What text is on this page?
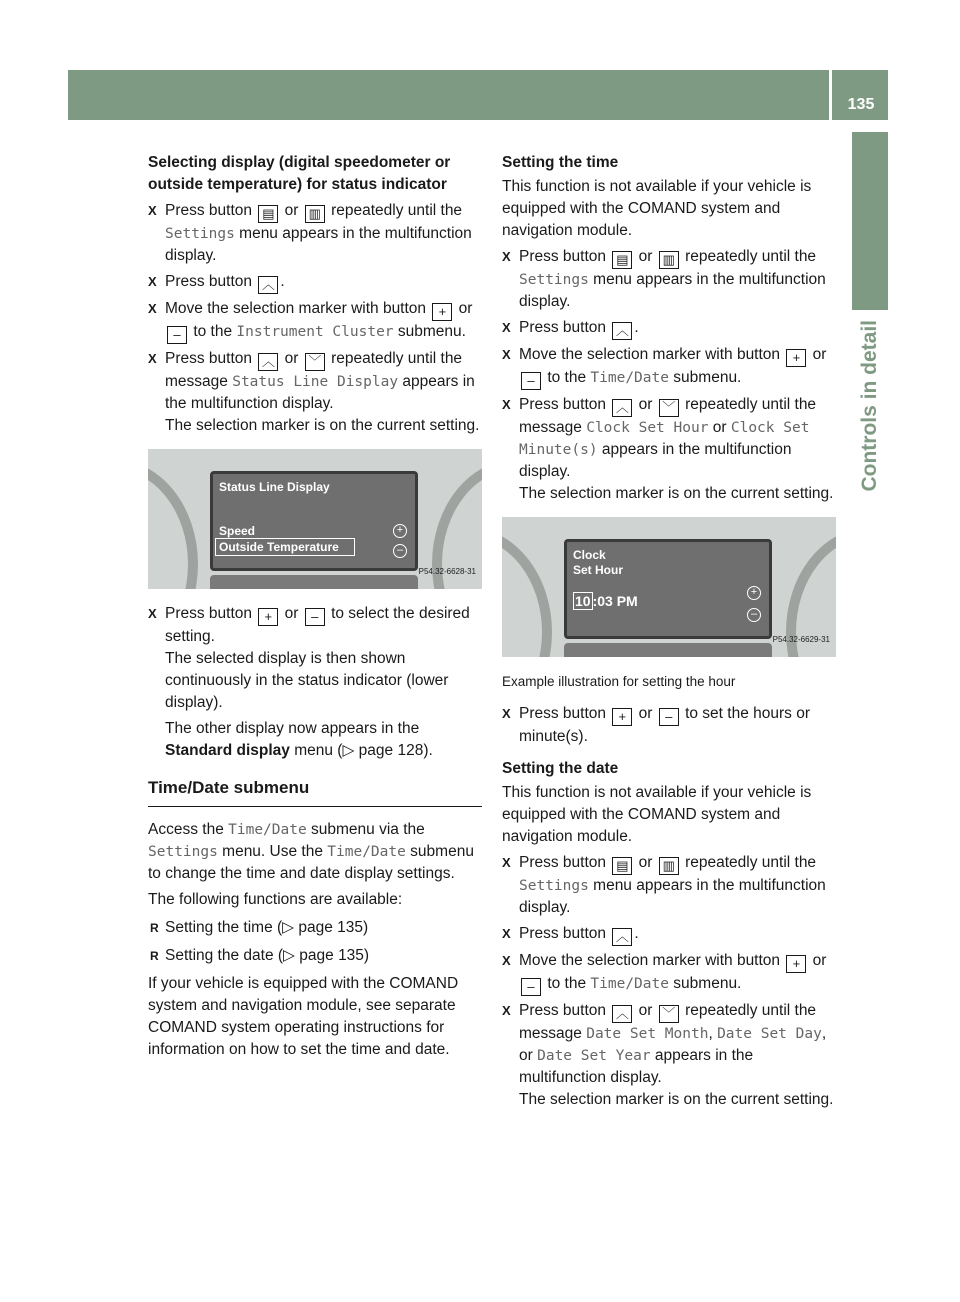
Control system
135
Controls in detail
Selecting display (digital speedometer or outside temperature) for status indicator
X Press button ▤ or ▥ repeatedly until the Settings menu appears in the multifunction display.
X Press button ︿ .
X Move the selection marker with button + or – to the Instrument Cluster submenu.
X Press button ︿ or ﹀ repeatedly until the message Status Line Display appears in the multifunction display.
The selection marker is on the current setting.
Status Line Display
Speed
Outside Temperature
+
–
P54.32-6628-31
X Press button + or – to select the desired setting.
The selected display is then shown continuously in the status indicator (lower display).
The other display now appears in the Standard display menu (▷ page 128).
Time/Date submenu
Access the Time/Date submenu via the Settings menu. Use the Time/Date submenu to change the time and date display settings.
The following functions are available:
R Setting the time (▷ page 135)
R Setting the date (▷ page 135)
If your vehicle is equipped with the COMAND system and navigation module, see separate COMAND system operating instructions for information on how to set the time and date.
Setting the time
This function is not available if your vehicle is equipped with the COMAND system and navigation module.
X Press button ▤ or ▥ repeatedly until the Settings menu appears in the multifunction display.
X Press button ︿ .
X Move the selection marker with button + or – to the Time/Date submenu.
X Press button ︿ or ﹀ repeatedly until the message Clock Set Hour or Clock Set Minute(s) appears in the multifunction display.
The selection marker is on the current setting.
Clock
Set Hour
10 :03 PM
+
–
P54.32-6629-31
Example illustration for setting the hour
X Press button + or – to set the hours or minute(s).
Setting the date
This function is not available if your vehicle is equipped with the COMAND system and navigation module.
X Press button ▤ or ▥ repeatedly until the Settings menu appears in the multifunction display.
X Press button ︿ .
X Move the selection marker with button + or – to the Time/Date submenu.
X Press button ︿ or ﹀ repeatedly until the message Date Set Month, Date Set Day, or Date Set Year appears in the multifunction display.
The selection marker is on the current setting.
